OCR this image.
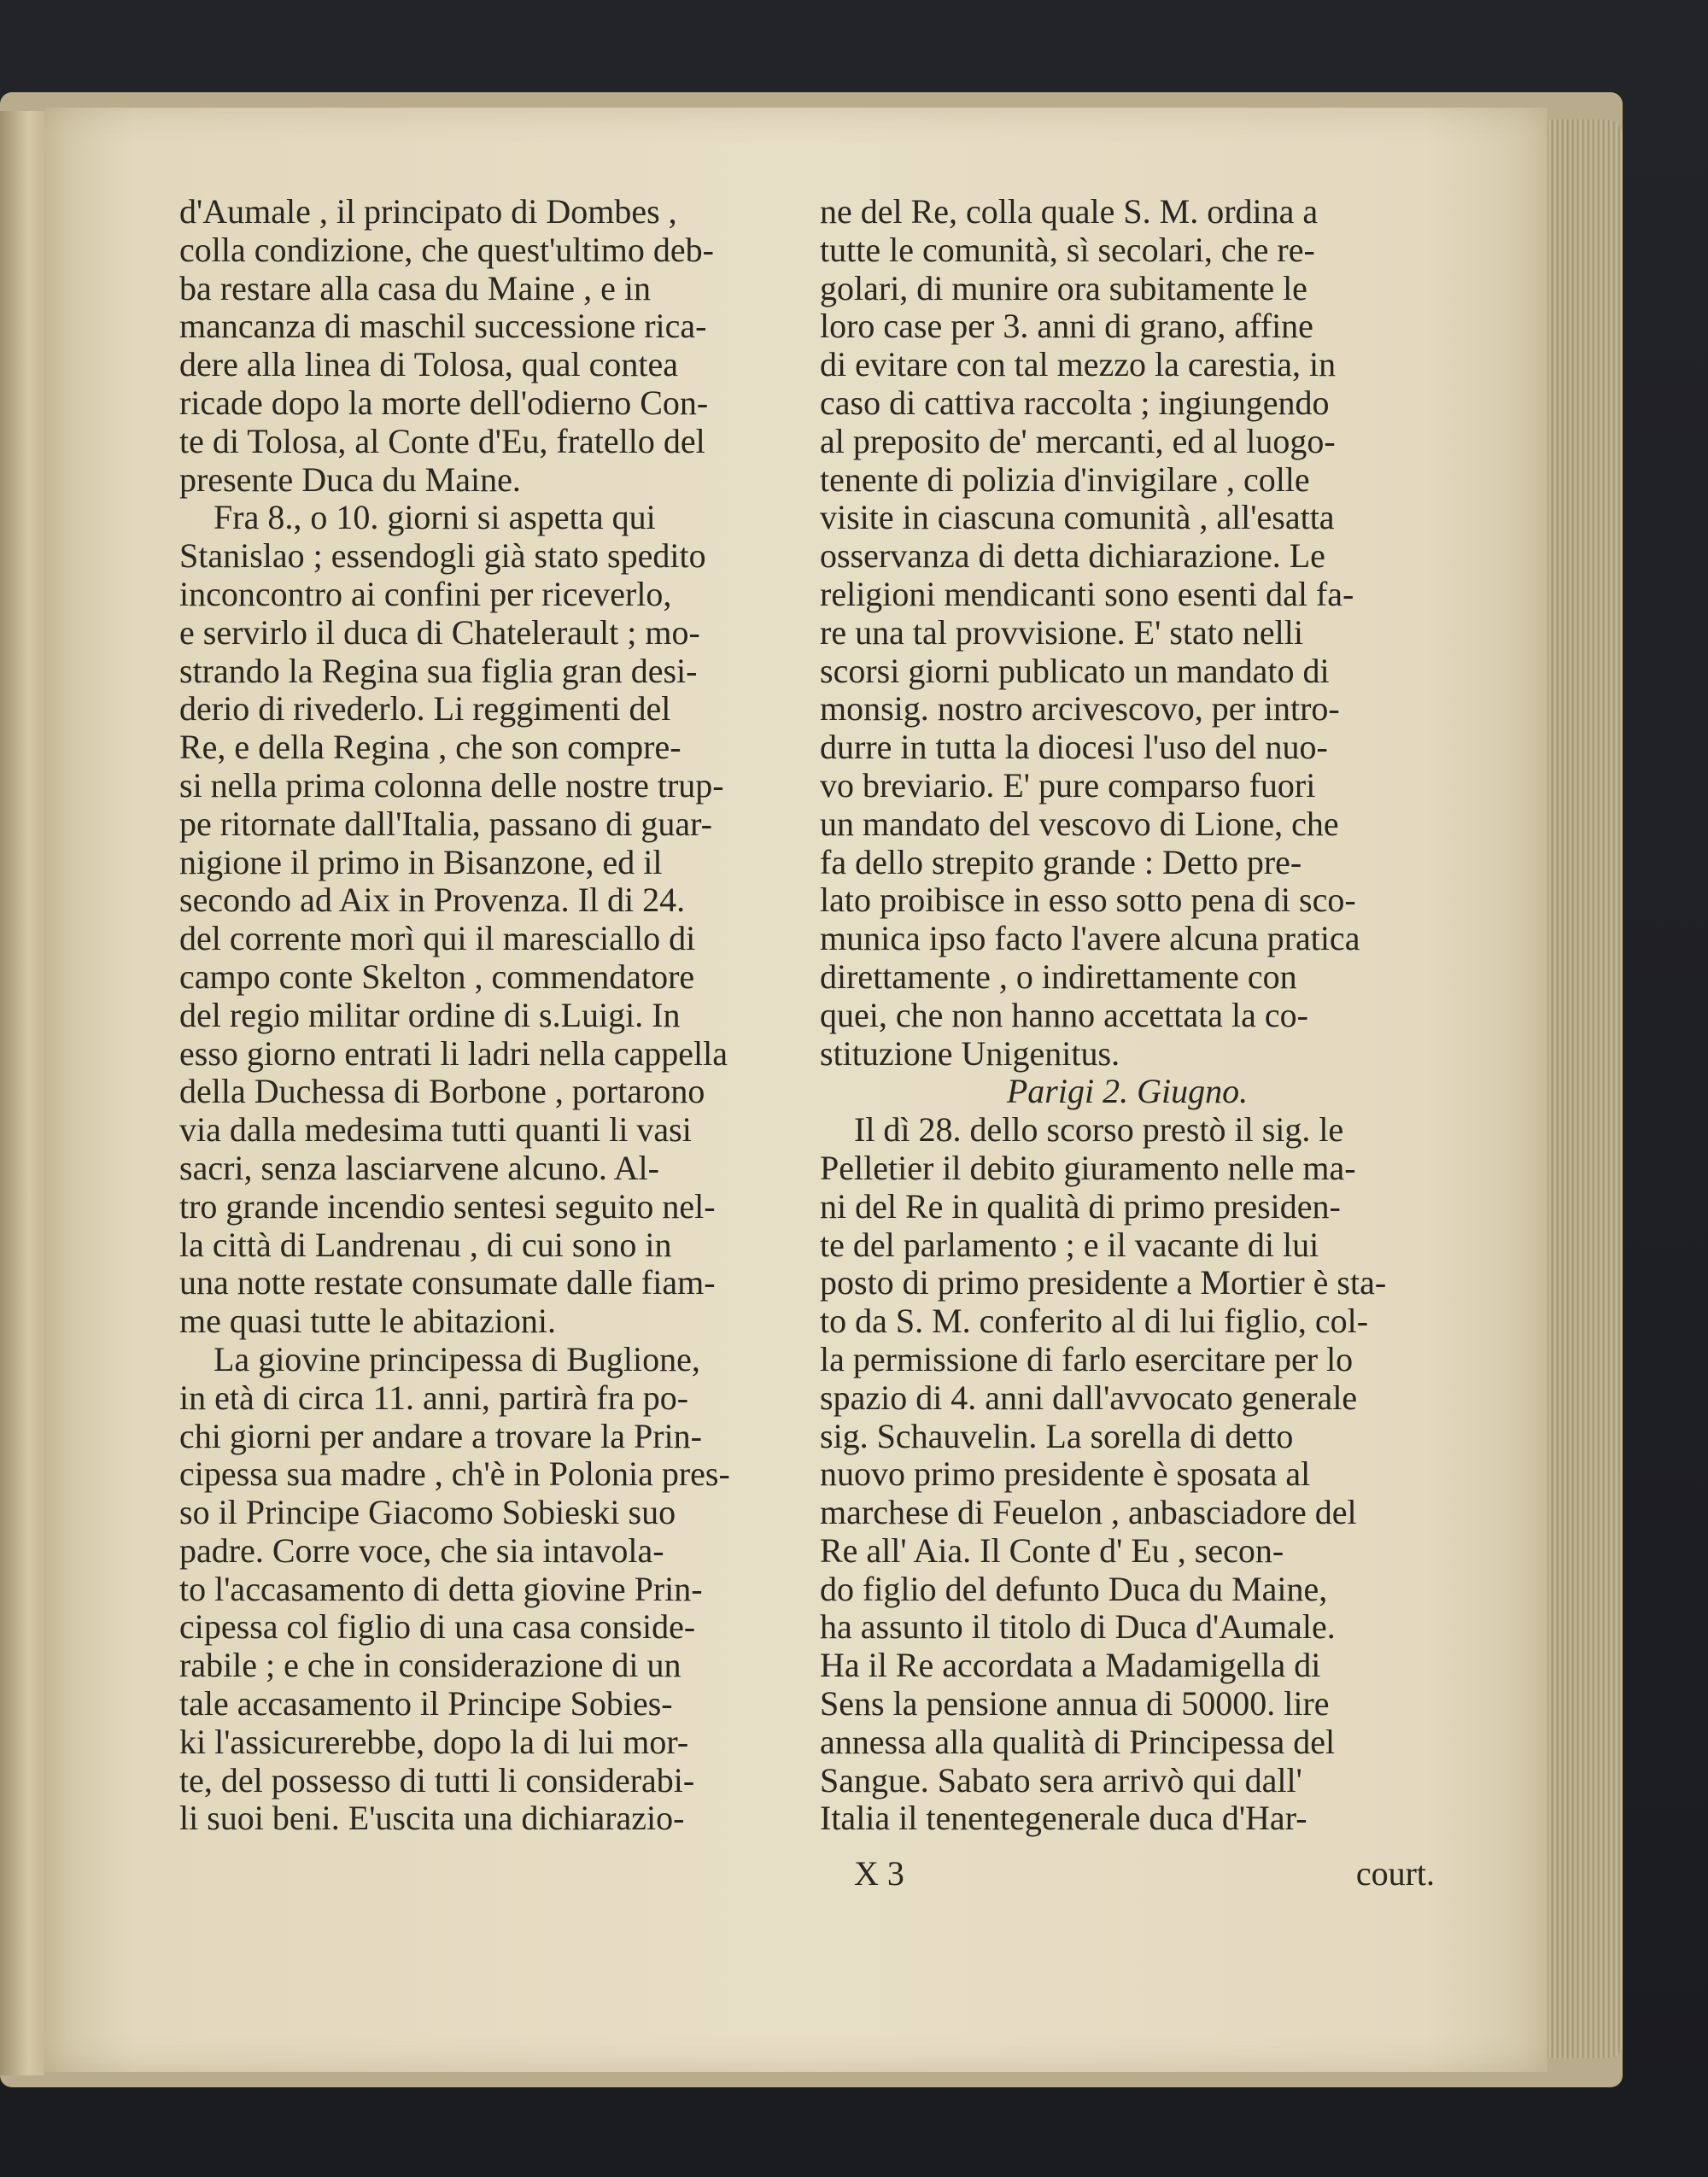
d'Aumale , il principato di Dombes ,
colla condizione, che quest'ultimo deb-
ba restare alla casa du Maine , e in
mancanza di maschil successione rica-
dere alla linea di Tolosa, qual contea
ricade dopo la morte dell'odierno Con-
te di Tolosa, al Conte d'Eu, fratello del
presente Duca du Maine.
Fra 8., o 10. giorni si aspetta qui
Stanislao ; essendogli già stato spedito
inconcontro ai confini per riceverlo,
e servirlo il duca di Chatelerault ; mo-
strando la Regina sua figlia gran desi-
derio di rivederlo. Li reggimenti del
Re, e della Regina , che son compre-
si nella prima colonna delle nostre trup-
pe ritornate dall'Italia, passano di guar-
nigione il primo in Bisanzone, ed il
secondo ad Aix in Provenza. Il di 24.
del corrente morì qui il maresciallo di
campo conte Skelton , commendatore
del regio militar ordine di s.Luigi. In
esso giorno entrati li ladri nella cappella
della Duchessa di Borbone , portarono
via dalla medesima tutti quanti li vasi
sacri, senza lasciarvene alcuno. Al-
tro grande incendio sentesi seguito nel-
la città di Landrenau , di cui sono in
una notte restate consumate dalle fiam-
me quasi tutte le abitazioni.
La giovine principessa di Buglione,
in età di circa 11. anni, partirà fra po-
chi giorni per andare a trovare la Prin-
cipessa sua madre , ch'è in Polonia pres-
so il Principe Giacomo Sobieski suo
padre. Corre voce, che sia intavola-
to l'accasamento di detta giovine Prin-
cipessa col figlio di una casa conside-
rabile ; e che in considerazione di un
tale accasamento il Principe Sobies-
ki l'assicurerebbe, dopo la di lui mor-
te, del possesso di tutti li considerabi-
li suoi beni. E'uscita una dichiarazio-
ne del Re, colla quale S. M. ordina a
tutte le comunità, sì secolari, che re-
golari, di munire ora subitamente le
loro case per 3. anni di grano, affine
di evitare con tal mezzo la carestia, in
caso di cattiva raccolta ; ingiungendo
al preposito de' mercanti, ed al luogo-
tenente di polizia d'invigilare , colle
visite in ciascuna comunità , all'esatta
osservanza di detta dichiarazione. Le
religioni mendicanti sono esenti dal fa-
re una tal provvisione. E' stato nelli
scorsi giorni publicato un mandato di
monsig. nostro arcivescovo, per intro-
durre in tutta la diocesi l'uso del nuo-
vo breviario. E' pure comparso fuori
un mandato del vescovo di Lione, che
fa dello strepito grande : Detto pre-
lato proibisce in esso sotto pena di sco-
munica ipso facto l'avere alcuna pratica
direttamente , o indirettamente con
quei, che non hanno accettata la co-
stituzione Unigenitus.
Parigi 2. Giugno.
Il dì 28. dello scorso prestò il sig. le
Pelletier il debito giuramento nelle ma-
ni del Re in qualità di primo presiden-
te del parlamento ; e il vacante di lui
posto di primo presidente a Mortier è sta-
to da S. M. conferito al di lui figlio, col-
la permissione di farlo esercitare per lo
spazio di 4. anni dall'avvocato generale
sig. Schauvelin. La sorella di detto
nuovo primo presidente è sposata al
marchese di Feuelon , anbasciadore del
Re all' Aia. Il Conte d' Eu , secon-
do figlio del defunto Duca du Maine,
ha assunto il titolo di Duca d'Aumale.
Ha il Re accordata a Madamigella di
Sens la pensione annua di 50000. lire
annessa alla qualità di Principessa del
Sangue. Sabato sera arrivò qui dall'
Italia il tenentegenerale duca d'Har-
X 3	court.
